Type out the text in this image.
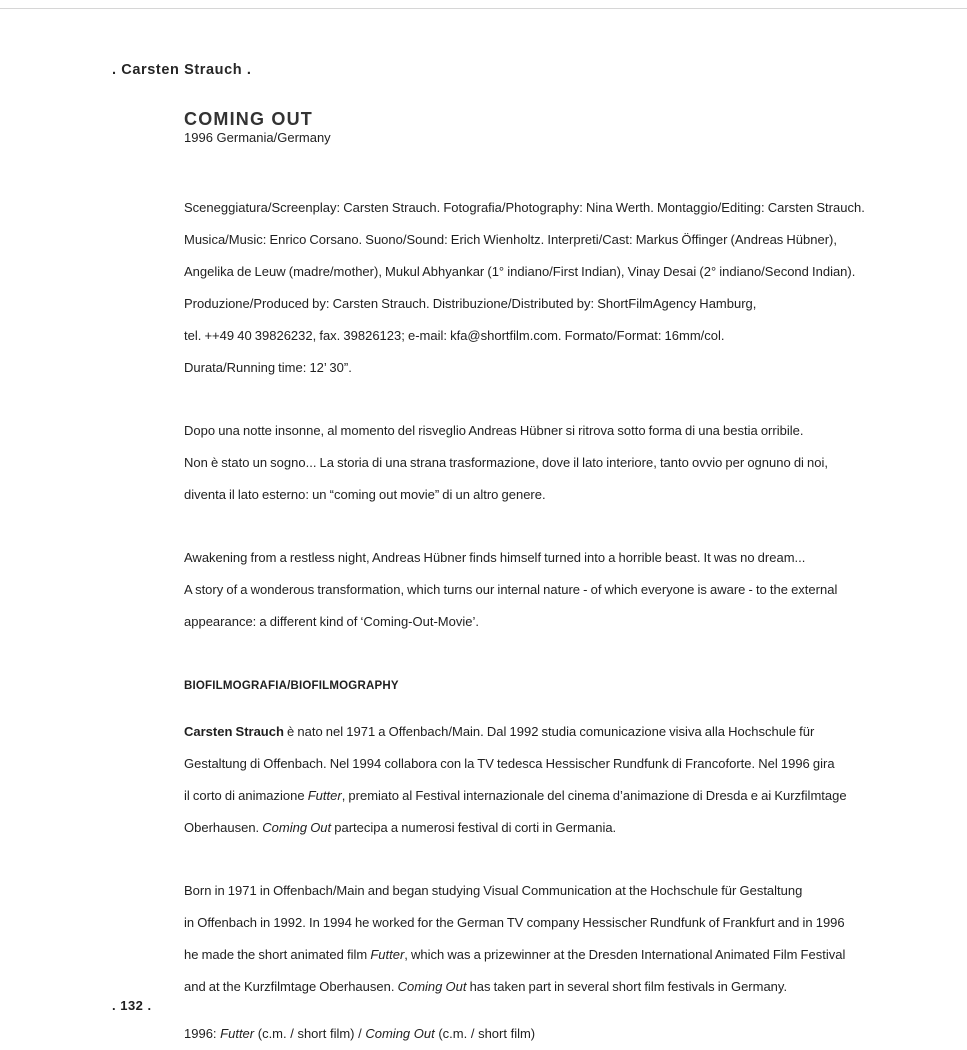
. Carsten Strauch .
COMING OUT
1996 Germania/Germany

Sceneggiatura/Screenplay: Carsten Strauch. Fotografia/Photography: Nina Werth. Montaggio/Editing: Carsten Strauch.

Musica/Music: Enrico Corsano. Suono/Sound: Erich Wienholtz. Interpreti/Cast: Markus Öffinger (Andreas Hübner),

Angelika de Leuw (madre/mother), Mukul Abhyankar (1° indiano/First Indian), Vinay Desai (2° indiano/Second Indian).

Produzione/Produced by: Carsten Strauch. Distribuzione/Distributed by: ShortFilmAgency Hamburg,

tel. ++49 40 39826232, fax. 39826123; e-mail: kfa@shortfilm.com. Formato/Format: 16mm/col.

Durata/Running time: 12’ 30”.

Dopo una notte insonne, al momento del risveglio Andreas Hübner si ritrova sotto forma di una bestia orribile.

Non è stato un sogno... La storia di una strana trasformazione, dove il lato interiore, tanto ovvio per ognuno di noi,

diventa il lato esterno: un “coming out movie” di un altro genere.

Awakening from a restless night, Andreas Hübner finds himself turned into a horrible beast. It was no dream...

A story of a wonderous transformation, which turns our internal nature - of which everyone is aware - to the external

appearance: a different kind of ‘Coming-Out-Movie’.

BIOFILMOGRAFIA/BIOFILMOGRAPHY

Carsten Strauch è nato nel 1971 a Offenbach/Main. Dal 1992 studia comunicazione visiva alla Hochschule für

Gestaltung di Offenbach. Nel 1994 collabora con la TV tedesca Hessischer Rundfunk di Francoforte. Nel 1996 gira

il corto di animazione Futter, premiato al Festival internazionale del cinema d’animazione di Dresda e ai Kurzfilmtage

Oberhausen. Coming Out partecipa a numerosi festival di corti in Germania.

Born in 1971 in Offenbach/Main and began studying Visual Communication at the Hochschule für Gestaltung

in Offenbach in 1992. In 1994 he worked for the German TV company Hessischer Rundfunk of Frankfurt and in 1996

he made the short animated film Futter, which was a prizewinner at the Dresden International Animated Film Festival

and at the Kurzfilmtage Oberhausen. Coming Out has taken part in several short film festivals in Germany.

1996: Futter (c.m. / short film) / Coming Out (c.m. / short film)
. 132 .
